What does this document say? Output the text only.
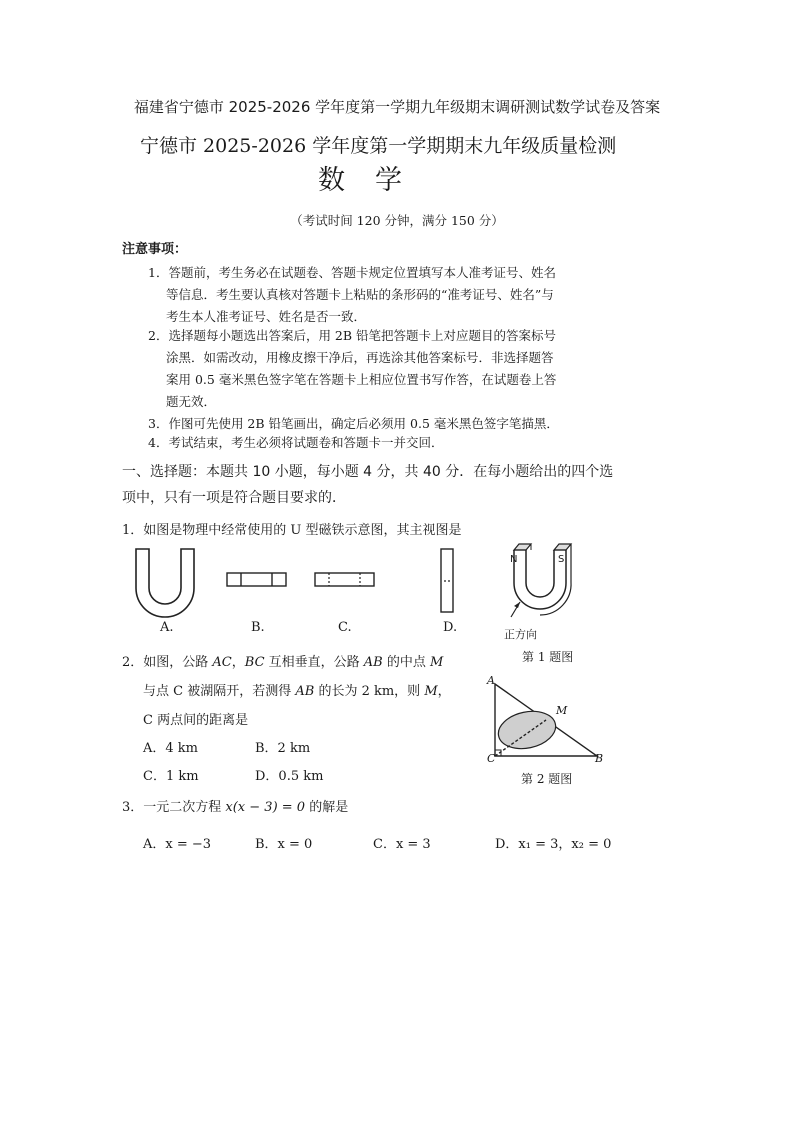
福建省宁德市 2025-2026 学年度第一学期九年级期末调研测试数学试卷及答案
宁德市 2025-2026 学年度第一学期期末九年级质量检测
数学
（考试时间 120 分钟，满分 150 分）
注意事项：
1．答题前，考生务必在试题卷、答题卡规定位置填写本人准考证号、姓名
等信息．考生要认真核对答题卡上粘贴的条形码的“准考证号、姓名”与
考生本人准考证号、姓名是否一致．
2．选择题每小题选出答案后，用 2B 铅笔把答题卡上对应题目的答案标号
涂黑．如需改动，用橡皮擦干净后，再选涂其他答案标号．非选择题答
案用 0.5 毫米黑色签字笔在答题卡上相应位置书写作答，在试题卷上答
题无效．
3．作图可先使用 2B 铅笔画出，确定后必须用 0.5 毫米黑色签字笔描黑．
4．考试结束，考生必须将试题卷和答题卡一并交回．
一、选择题：本题共 10 小题，每小题 4 分，共 40 分．在每小题给出的四个选
项中，只有一项是符合题目要求的．
1．如图是物理中经常使用的 U 型磁铁示意图，其主视图是
A.	B.	C.	D.
N	S
正方向
第 1 题图
2．如图，公路 AC，BC 互相垂直，公路 AB 的中点 M
与点 C 被湖隔开，若测得 AB 的长为 2 km，则 M，
C 两点间的距离是
A．4 km	B．2 km
C．1 km	D．0.5 km
A
C	B
M
第 2 题图
3．一元二次方程 x(x − 3) = 0 的解是
A．x = −3	B．x = 0	C．x = 3	D．x₁ = 3，x₂ = 0
